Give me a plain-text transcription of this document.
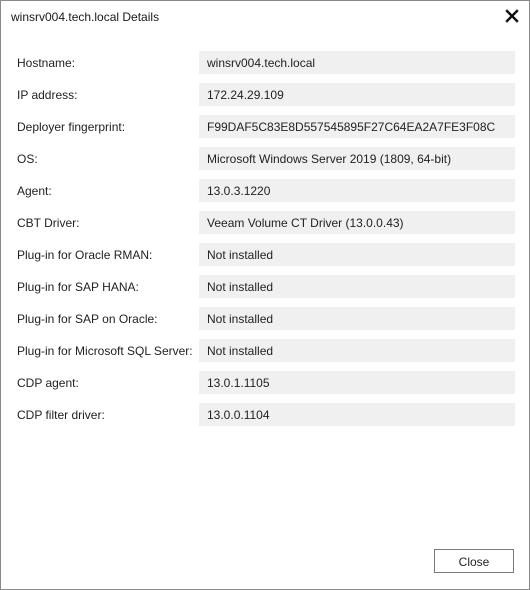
winsrv004.tech.local Details
Hostname:	winsrv004.tech.local
IP address:	172.24.29.109
Deployer fingerprint:	F99DAF5C83E8D557545895F27C64EA2A7FE3F08C
OS:	Microsoft Windows Server 2019 (1809, 64-bit)
Agent:	13.0.3.1220
CBT Driver:	Veeam Volume CT Driver (13.0.0.43)
Plug-in for Oracle RMAN:	Not installed
Plug-in for SAP HANA:	Not installed
Plug-in for SAP on Oracle:	Not installed
Plug-in for Microsoft SQL Server:	Not installed
CDP agent:	13.0.1.1105
CDP filter driver:	13.0.0.1104
Close
